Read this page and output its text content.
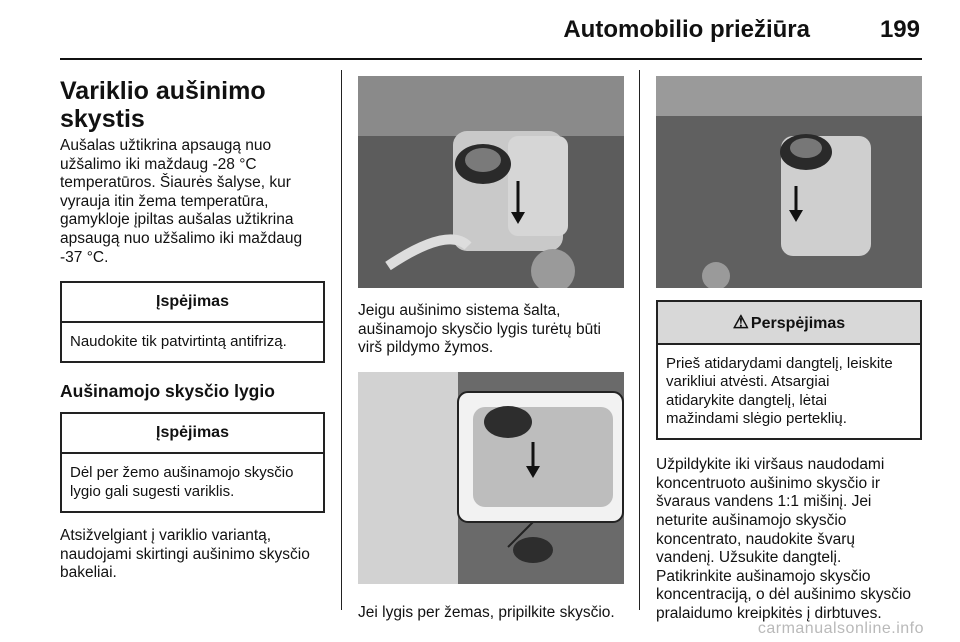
Automobilio priežiūra	199
Variklio aušinimo skystis

Aušalas užtikrina apsaugą nuo
užšalimo iki maždaug -28 °C
temperatūros. Šiaurės šalyse, kur
vyrauja itin žema temperatūra,
gamykloje įpiltas aušalas užtikrina
apsaugą nuo užšalimo iki maždaug
-37 °C.

Įspėjimas
Naudokite tik patvirtintą antifrizą.
Aušinamojo skysčio lygio
Įspėjimas
Dėl per žemo aušinamojo skysčio
lygio gali sugesti variklis.

Atsižvelgiant į variklio variantą,
naudojami skirtingi aušinimo skysčio
bakeliai.

Jeigu aušinimo sistema šalta,
aušinamojo skysčio lygis turėtų būti
virš pildymo žymos.

Jei lygis per žemas, pripilkite skysčio.

⚠ Perspėjimas
Prieš atidarydami dangtelį, leiskite
varikliui atvėsti. Atsargiai
atidarykite dangtelį, lėtai
mažindami slėgio perteklių.

Užpildykite iki viršaus naudodami
koncentruoto aušinimo skysčio ir
švaraus vandens 1:1 mišinį. Jei
neturite aušinamojo skysčio
koncentrato, naudokite švarų
vandenį. Užsukite dangtelį.
Patikrinkite aušinamojo skysčio
koncentraciją, o dėl aušinimo skysčio
pralaidumo kreipkitės į dirbtuves.

carmanualsonline.info
